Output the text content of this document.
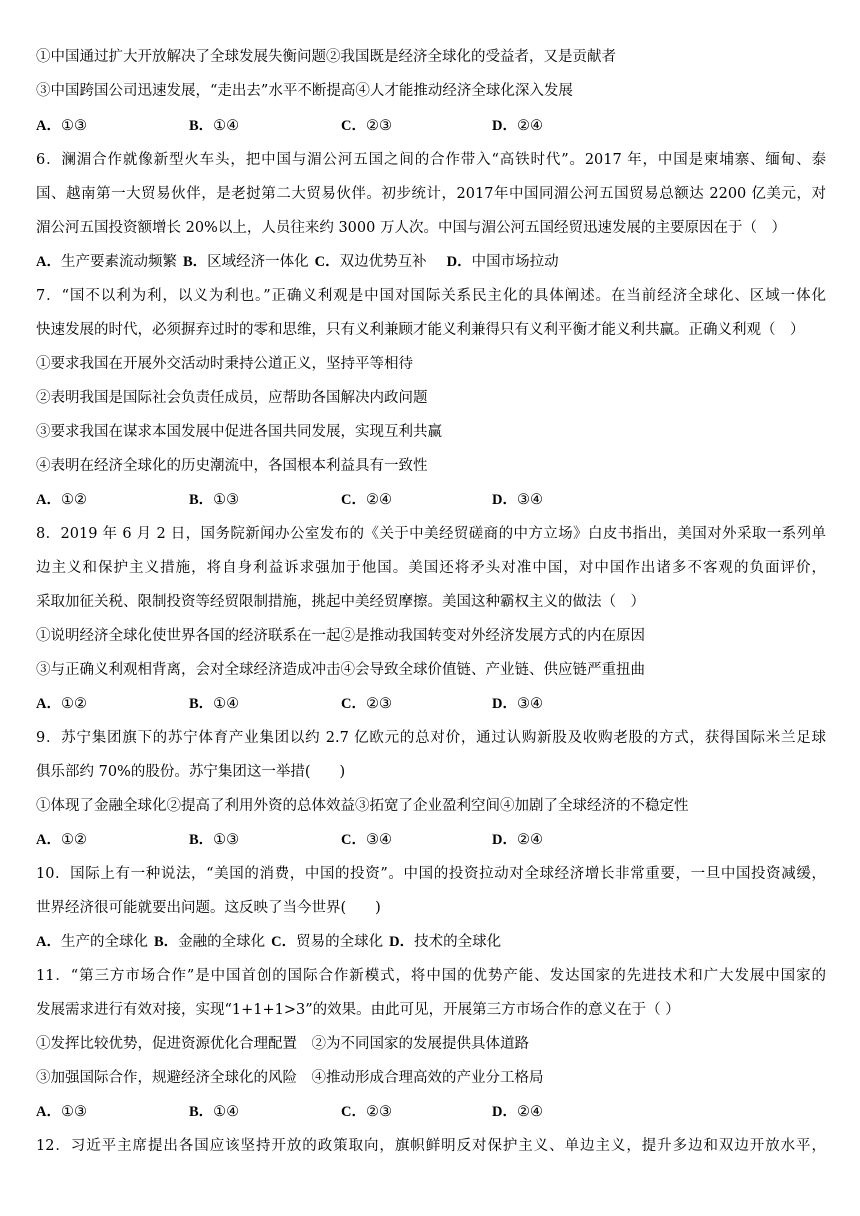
①中国通过扩大开放解决了全球发展失衡问题②我国既是经济全球化的受益者，又是贡献者
③中国跨国公司迅速发展，“走出去”水平不断提高④人才能推动经济全球化深入发展
A．①③	B．①④	C．②③	D．②④
6．澜湄合作就像新型火车头，把中国与湄公河五国之间的合作带入“高铁时代”。2017 年，中国是柬埔寨、缅甸、泰
国、越南第一大贸易伙伴，是老挝第二大贸易伙伴。初步统计，2017年中国同湄公河五国贸易总额达 2200 亿美元，对
湄公河五国投资额增长 20%以上，人员往来约 3000 万人次。中国与湄公河五国经贸迅速发展的主要原因在于（　）
A．生产要素流动频繁 B．区域经济一体化 C．双边优势互补 D．中国市场拉动
7．“国不以利为利，以义为利也。”正确义利观是中国对国际关系民主化的具体阐述。在当前经济全球化、区域一体化
快速发展的时代，必须摒弃过时的零和思维，只有义利兼顾才能义利兼得只有义利平衡才能义利共赢。正确义利观（　）
①要求我国在开展外交活动时秉持公道正义，坚持平等相待
②表明我国是国际社会负责任成员，应帮助各国解决内政问题
③要求我国在谋求本国发展中促进各国共同发展，实现互利共赢
④表明在经济全球化的历史潮流中，各国根本利益具有一致性
A．①②	B．①③	C．②④	D．③④
8．2019 年 6 月 2 日，国务院新闻办公室发布的《关于中美经贸磋商的中方立场》白皮书指出，美国对外采取一系列单
边主义和保护主义措施，将自身利益诉求强加于他国。美国还将矛头对准中国，对中国作出诸多不客观的负面评价，
采取加征关税、限制投资等经贸限制措施，挑起中美经贸摩擦。美国这种霸权主义的做法（　）
①说明经济全球化使世界各国的经济联系在一起②是推动我国转变对外经济发展方式的内在原因
③与正确义利观相背离，会对全球经济造成冲击④会导致全球价值链、产业链、供应链严重扭曲
A．①②	B．①④	C．②③	D．③④
9．苏宁集团旗下的苏宁体育产业集团以约 2.7 亿欧元的总对价，通过认购新股及收购老股的方式，获得国际米兰足球
俱乐部约 70%的股份。苏宁集团这一举措(　　)
①体现了金融全球化②提高了利用外资的总体效益③拓宽了企业盈利空间④加剧了全球经济的不稳定性
A．①②	B．①③	C．③④	D．②④
10．国际上有一种说法，“美国的消费，中国的投资”。中国的投资拉动对全球经济增长非常重要，一旦中国投资减缓，
世界经济很可能就要出问题。这反映了当今世界(　　)
A．生产的全球化 B．金融的全球化 C．贸易的全球化 D．技术的全球化
11．“第三方市场合作”是中国首创的国际合作新模式，将中国的优势产能、发达国家的先进技术和广大发展中国家的
发展需求进行有效对接，实现“1+1+1>3”的效果。由此可见，开展第三方市场合作的意义在于（ ）
①发挥比较优势，促进资源优化合理配置　②为不同国家的发展提供具体道路
③加强国际合作，规避经济全球化的风险　④推动形成合理高效的产业分工格局
A．①③	B．①④	C．②③	D．②④
12．习近平主席提出各国应该坚持开放的政策取向，旗帜鲜明反对保护主义、单边主义，提升多边和双边开放水平，
